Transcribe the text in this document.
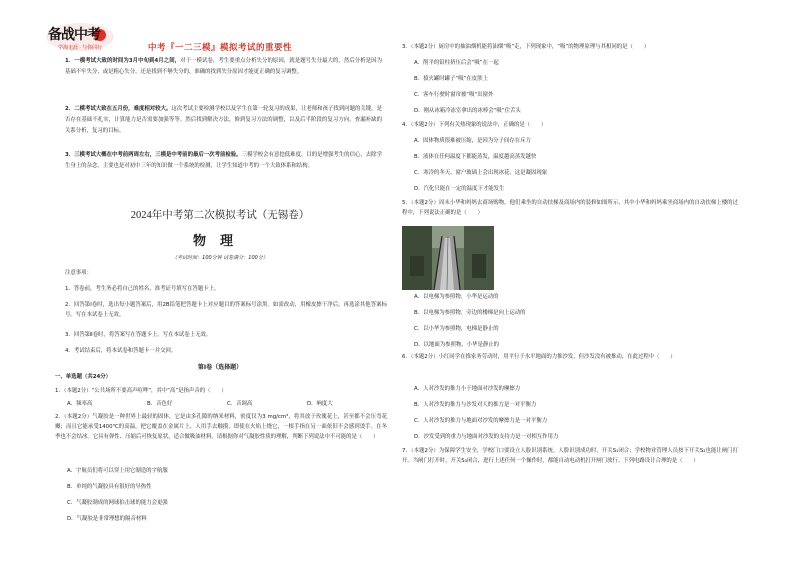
备战中考
学海无涯 · 与你同行	中考『一二三模』模拟考试的重要性

1．一模考试大致的时间为3月中旬到4月之间，对于一模试卷，考生要重点分析失分的原因，就是题号失分最大的，然后分析是因为基础不牢失分，或是粗心失分，还是找到不够失分的，准确的找到失分原因才能更正确的复习调整。

2．二模考试大致在五月份，难度相对较大。这次考试主要检测学校以及学生在第一轮复习的成果，让老师和孩子找到问题的关键，是否存在基础不扎实，计算能力是否需要加强等等。然后找到解决方法，修到复习方法的调整，以及后半阶段的复习方向，查漏补缺的关系分析，复习的目标。

3．三模考试大概在中考前两周左右，三模是中考前的最后一次考前检验。三模学校会有意挖低难度，目的是增强考生的信心，去除学生身上的杂念，主要也是对初中三年的知识做一个系统的检测，让学生知道中考的一个大致体系和结构。

2024年中考第二次模拟考试（无锡卷）
物理
（考试时间：100分钟 试卷满分：100分）
注意事项：
1．答卷前，考生务必将自己的姓名、准考证号填写在答题卡上。
2．回答第Ⅰ卷时，选出每小题答案后，用2B铅笔把答题卡上对应题目的答案标号涂黑。如需改动，用橡皮擦干净后，再选涂其他答案标号。写在本试卷上无效。
3．回答第Ⅱ卷时，将答案写在答题卡上。写在本试卷上无效。
4．考试结束后，将本试卷和答题卡一并交回。
第Ⅰ卷（选择题）
一、单选题（共24分）
1．（本题2分）“公共场所不要高声喧哗”，其中“高”是指声音的（　　）
A．频率高	B．音色好	C．音调高	D．响度大
2．（本题2分）气凝胶是一种世界上最轻的固体，它是由多孔隙的纳米材料，密度仅为3 mg/cm³，将其放于玫瑰花上，甚至都不会压弯花瓣；而且它能承受1400℃的高温，把它覆盖在金属片上，人用手去触摸，即使在火焰上烧它，一根手指在另一面依旧不会感到烫手。在冬季也不会结冰。它具有弹性、压缩后可恢复原状，适合做吸油材料。请根据你对气凝胶性质的理解，判断下列说法中不可能的是（　　）
A．宇航员们将可以穿上用它制造的宇航服
B．单纯的气凝胶具有很好的导热性
C．气凝胶制成的网球拍击球的能力会更强
D．气凝胶是非常理想的隔音材料
3．（本题2分）厨房中的抽油烟机能将油烟“吸”走，下列现象中，“吸”的物理原理与其相同的是（　　）
A．削平的铅柱挤压后会“吸”在一起
B．拔火罐时罐子“吸”在皮肤上
C．客车行驶时窗帘被“吸”出窗外
D．刚从冰箱冷冻室拿出的冰棒会“吸”住舌头
4．（本题2分）下列有关热现象的说法中，正确的是（　　）
A．固体物质很难被压缩，是因为分子间存在斥力
B．液体在任何温度下都能蒸发，温度越高蒸发越快
C．寒冷的冬天，窗户玻璃上会出现冰花，这是凝固现象
D．汽化只能在一定的温度下才能发生
5．（本题2分）周末小华和妈妈去商场购物，他们乘坐的自动扶梯及商场内的装修如图所示，其中小华和妈妈乘坐商场内的自动扶梯上楼的过程中，下列说法正确的是（　　）
A．以电梯为参照物，小华是运动的
B．以电梯为参照物，旁边的楼梯是向上运动的
C．以小华为参照物，电梯是静止的
D．以地面为参照物，小华是静止的
6．（本题2分）小红同学在推家务劳动时，用平行于水平地面的力推沙发，但沙发没有被推动，在此过程中（　　）
A．人对沙发的推力小于地面对沙发的摩擦力
B．人对沙发的推力与沙发对人的推力是一对平衡力
C．人对沙发的推力与地面对沙发的摩擦力是一对平衡力
D．沙发受到的重力与地面对沙发的支持力是一对相互作用力
7．（本题2分）为保障学生安全，学校门口要设立人脸识别系统。人脸识别成功时，开关S₁闭合；学校物业管理人员按下开关S₂也能让闸门打开。当闸门打开时，开关S₃闭合，进行上述任何一个操作时，都能自动电动机打开闸门放行。下列电路设计合理的是（　　）
